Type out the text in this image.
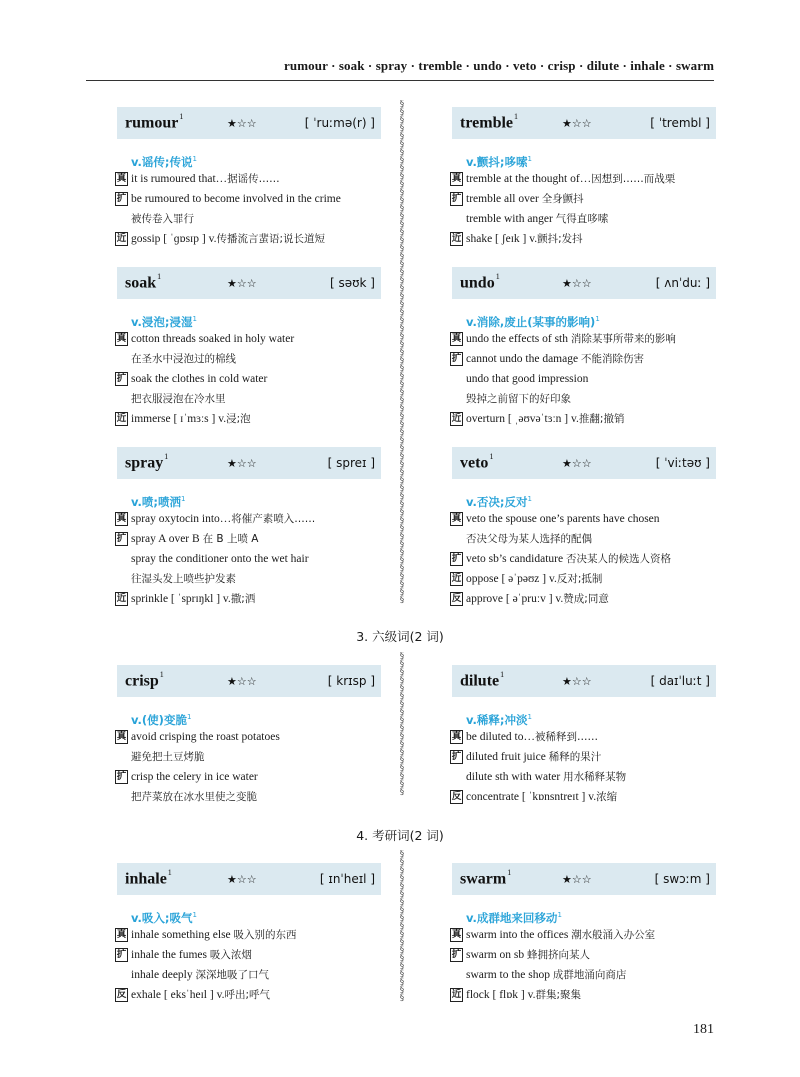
rumour · soak · spray · tremble · undo · veto · crisp · dilute · inhale · swarm
§
§
§
§
§
§
§
§
§
§
§
§
§
§
§
§
§
§
§
§
§
§
§
§
§
§
§
§
§
§
§
§
§
§
§
§
§
§
§
§
§
§
§
§
§
§
§
§
§
§
§
§
§
§
§
§
§
§
§
§
§
§
§
§
§
§
§
§
§
§
§
§
§
§
§
§
§
§
§
§
§
§
§
§
§
§
§
§
§
§
§
§
§
§
§
§
§
§
§
§
rumour$^1$
★☆☆	[ ˈruːmə(r) ]
v.谣传;传说$^1$
真 it is rumoured that…据谣传……
扩 be rumoured to become involved in the crime
被传卷入罪行
近 gossip [ ˈɡɒsɪp ] v.传播流言蜚语;说长道短
tremble$^1$
★☆☆	[ ˈtrembl ]
v.颤抖;哆嗦$^1$
真 tremble at the thought of…因想到……而战栗
扩 tremble all over 全身颤抖
tremble with anger 气得直哆嗦
近 shake [ ʃeɪk ] v.颤抖;发抖
soak$^1$
★☆☆	[ səʊk ]
v.浸泡;浸湿$^1$
真 cotton threads soaked in holy water
在圣水中浸泡过的棉线
扩 soak the clothes in cold water
把衣服浸泡在冷水里
近 immerse [ ɪˈmɜːs ] v.浸;泡
undo$^1$
★☆☆	[ ʌnˈduː ]
v.消除,废止(某事的影响)$^1$
真 undo the effects of sth 消除某事所带来的影响
扩 cannot undo the damage 不能消除伤害
undo that good impression
毁掉之前留下的好印象
近 overturn [ ˌəʊvəˈtɜːn ] v.推翻;撤销
spray$^1$
★☆☆	[ spreɪ ]
v.喷;喷洒$^1$
真 spray oxytocin into…将催产素喷入……
扩 spray A over B 在 B 上喷 A
spray the conditioner onto the wet hair
往湿头发上喷些护发素
近 sprinkle [ ˈsprɪŋkl ] v.撒;洒
veto$^1$
★☆☆	[ ˈviːtəʊ ]
v.否决;反对$^1$
真 veto the spouse one’s parents have chosen
否决父母为某人选择的配偶
扩 veto sb’s candidature 否决某人的候选人资格
近 oppose [ əˈpəʊz ] v.反对;抵制
反 approve [ əˈpruːv ] v.赞成;同意
3. 六级词(2 词)
crisp$^1$
★☆☆	[ krɪsp ]
v.(使)变脆$^1$
真 avoid crisping the roast potatoes
避免把土豆烤脆
扩 crisp the celery in ice water
把芹菜放在冰水里使之变脆
dilute$^1$
★☆☆	[ daɪˈluːt ]
v.稀释;冲淡$^1$
真 be diluted to…被稀释到……
扩 diluted fruit juice 稀释的果汁
dilute sth with water 用水稀释某物
反 concentrate [ ˈkɒnsntreɪt ] v.浓缩
4. 考研词(2 词)
inhale$^1$
★☆☆	[ ɪnˈheɪl ]
v.吸入;吸气$^1$
真 inhale something else 吸入别的东西
扩 inhale the fumes 吸入浓烟
inhale deeply 深深地吸了口气
反 exhale [ eksˈheɪl ] v.呼出;呼气
swarm$^1$
★☆☆	[ swɔːm ]
v.成群地来回移动$^1$
真 swarm into the offices 潮水般涌入办公室
扩 swarm on sb 蜂拥挤向某人
swarm to the shop 成群地涌向商店
近 flock [ flɒk ] v.群集;聚集
181
